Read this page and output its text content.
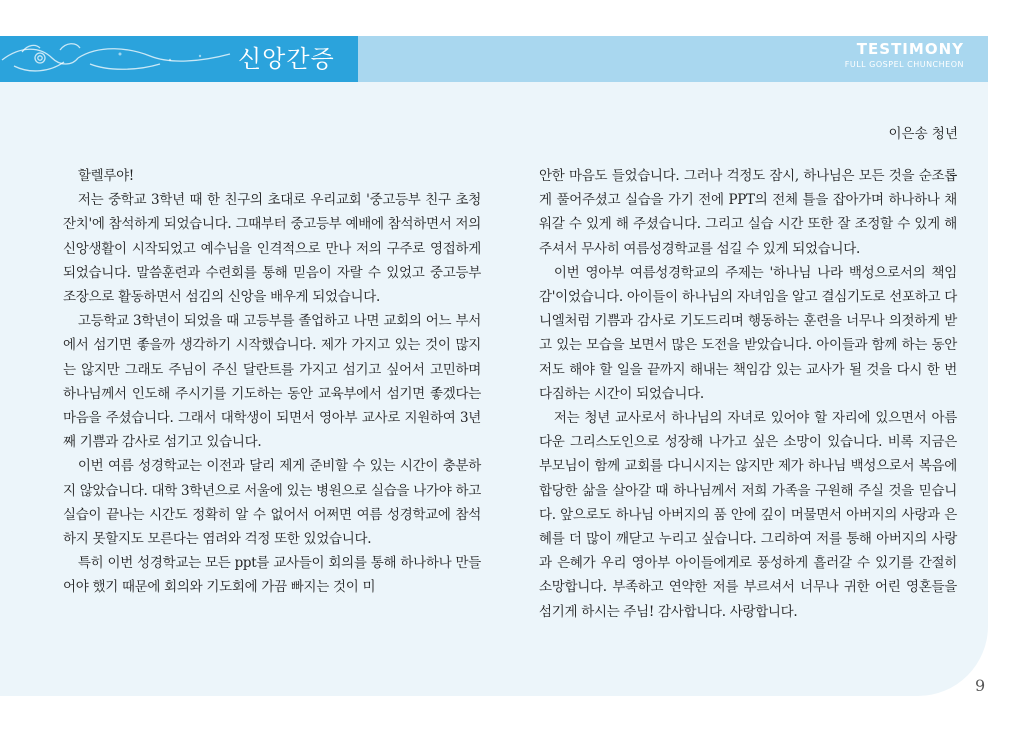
신앙간증	TESTIMONY
FULL GOSPEL CHUNCHEON
이은송 청년

할렐루야!

저는 중학교 3학년 때 한 친구의 초대로 우리교회 '중고등부 친구 초청 잔치'에 참석하게 되었습니다. 그때부터 중고등부 예배에 참석하면서 저의 신앙생활이 시작되었고 예수님을 인격적으로 만나 저의 구주로 영접하게 되었습니다. 말씀훈련과 수련회를 통해 믿음이 자랄 수 있었고 중고등부 조장으로 활동하면서 섬김의 신앙을 배우게 되었습니다.

고등학교 3학년이 되었을 때 고등부를 졸업하고 나면 교회의 어느 부서에서 섬기면 좋을까 생각하기 시작했습니다. 제가 가지고 있는 것이 많지는 않지만 그래도 주님이 주신 달란트를 가지고 섬기고 싶어서 고민하며 하나님께서 인도해 주시기를 기도하는 동안 교육부에서 섬기면 좋겠다는 마음을 주셨습니다. 그래서 대학생이 되면서 영아부 교사로 지원하여 3년째 기쁨과 감사로 섬기고 있습니다.

이번 여름 성경학교는 이전과 달리 제게 준비할 수 있는 시간이 충분하지 않았습니다. 대학 3학년으로 서울에 있는 병원으로 실습을 나가야 하고 실습이 끝나는 시간도 정확히 알 수 없어서 어쩌면 여름 성경학교에 참석하지 못할지도 모른다는 염려와 걱정 또한 있었습니다.

특히 이번 성경학교는 모든 ppt를 교사들이 회의를 통해 하나하나 만들어야 했기 때문에 회의와 기도회에 가끔 빠지는 것이 미

안한 마음도 들었습니다. 그러나 걱정도 잠시, 하나님은 모든 것을 순조롭게 풀어주셨고 실습을 가기 전에 PPT의 전체 틀을 잡아가며 하나하나 채워갈 수 있게 해 주셨습니다. 그리고 실습 시간 또한 잘 조정할 수 있게 해 주셔서 무사히 여름성경학교를 섬길 수 있게 되었습니다.

이번 영아부 여름성경학교의 주제는 '하나님 나라 백성으로서의 책임감'이었습니다. 아이들이 하나님의 자녀임을 알고 결심기도로 선포하고 다니엘처럼 기쁨과 감사로 기도드리며 행동하는 훈련을 너무나 의젓하게 받고 있는 모습을 보면서 많은 도전을 받았습니다. 아이들과 함께 하는 동안 저도 해야 할 일을 끝까지 해내는 책임감 있는 교사가 될 것을 다시 한 번 다짐하는 시간이 되었습니다.

저는 청년 교사로서 하나님의 자녀로 있어야 할 자리에 있으면서 아름다운 그리스도인으로 성장해 나가고 싶은 소망이 있습니다. 비록 지금은 부모님이 함께 교회를 다니시지는 않지만 제가 하나님 백성으로서 복음에 합당한 삶을 살아갈 때 하나님께서 저희 가족을 구원해 주실 것을 믿습니다. 앞으로도 하나님 아버지의 품 안에 깊이 머물면서 아버지의 사랑과 은혜를 더 많이 깨닫고 누리고 싶습니다. 그리하여 저를 통해 아버지의 사랑과 은혜가 우리 영아부 아이들에게로 풍성하게 흘러갈 수 있기를 간절히 소망합니다. 부족하고 연약한 저를 부르셔서 너무나 귀한 어린 영혼들을 섬기게 하시는 주님! 감사합니다. 사랑합니다.

9
